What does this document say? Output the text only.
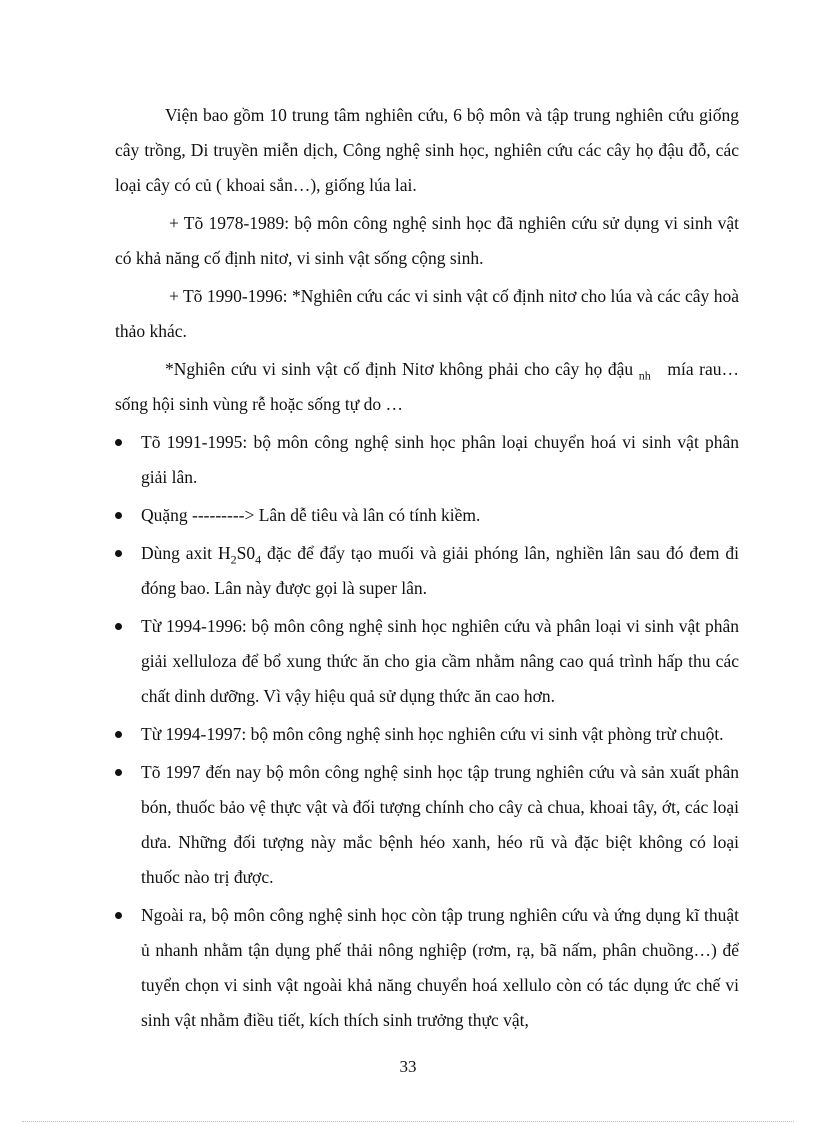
Viện bao gồm 10 trung tâm nghiên cứu, 6 bộ môn và tập trung nghiên cứu giống cây trồng, Di truyền miễn dịch, Công nghệ sinh học, nghiên cứu các cây họ đậu đỗ, các loại cây có củ ( khoai sắn…), giống lúa lai.

+ Tõ 1978-1989: bộ môn công nghệ sinh học đã nghiên cứu sử dụng vi sinh vật có khả năng cố định nitơ, vi sinh vật sống cộng sinh.

+ Tõ 1990-1996: *Nghiên cứu các vi sinh vật cố định nitơ cho lúa và các cây hoà thảo khác.

*Nghiên cứu vi sinh vật cố định Nitơ không phải cho cây họ đậu $_{nh}$ mía rau… sống hội sinh vùng rễ hoặc sống tự do …

Tõ 1991-1995: bộ môn công nghệ sinh học phân loại chuyển hoá vi sinh vật phân giải lân.
Quặng ---------> Lân dễ tiêu và lân có tính kiềm.
Dùng axit $H_2S0_4$ đặc để đẩy tạo muối và giải phóng lân, nghiền lân sau đó đem đi đóng bao. Lân này được gọi là super lân.
Từ 1994-1996: bộ môn công nghệ sinh học nghiên cứu và phân loại vi sinh vật phân giải xelluloza để bổ xung thức ăn cho gia cầm nhằm nâng cao quá trình hấp thu các chất dinh dưỡng. Vì vậy hiệu quả sử dụng thức ăn cao hơn.
Từ 1994-1997: bộ môn công nghệ sinh học nghiên cứu vi sinh vật phòng trừ chuột.
Tõ 1997 đến nay bộ môn công nghệ sinh học tập trung nghiên cứu và sản xuất phân bón, thuốc bảo vệ thực vật và đối tượng chính cho cây cà chua, khoai tây, ớt, các loại dưa. Những đối tượng này mắc bệnh héo xanh, héo rũ và đặc biệt không có loại thuốc nào trị được.
Ngoài ra, bộ môn công nghệ sinh học còn tập trung nghiên cứu và ứng dụng kĩ thuật ủ nhanh nhằm tận dụng phế thải nông nghiệp (rơm, rạ, bã nấm, phân chuồng…) để tuyển chọn vi sinh vật ngoài khả năng chuyển hoá xellulo còn có tác dụng ức chế vi sinh vật nhằm điều tiết, kích thích sinh trưởng thực vật,
33
